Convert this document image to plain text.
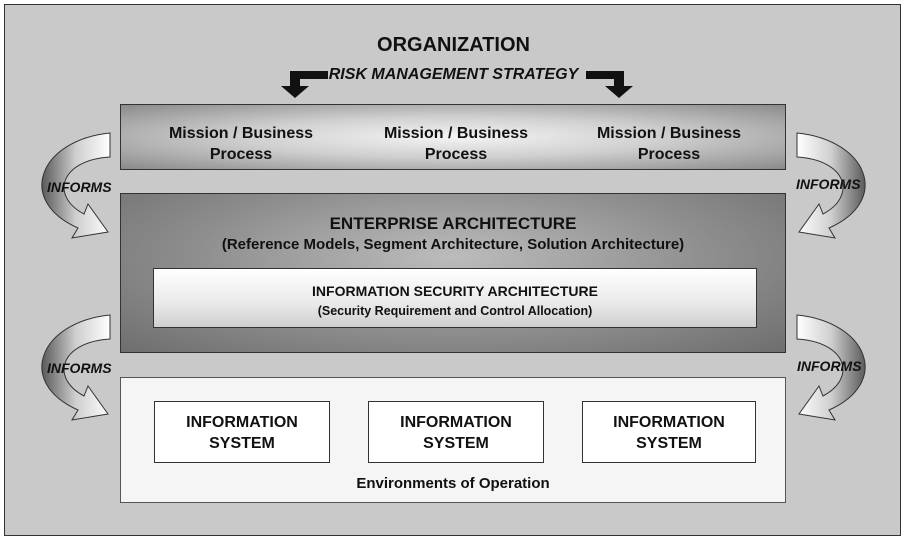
ORGANIZATION
RISK MANAGEMENT STRATEGY
INFORMS	INFORMS
INFORMS	INFORMS
Mission / Business
Process
Mission / Business
Process
Mission / Business
Process
ENTERPRISE ARCHITECTURE
(Reference Models, Segment Architecture, Solution Architecture)
INFORMATION SECURITY ARCHITECTURE
(Security Requirement and Control Allocation)
INFORMATION
SYSTEM
INFORMATION
SYSTEM
INFORMATION
SYSTEM
Environments of Operation
